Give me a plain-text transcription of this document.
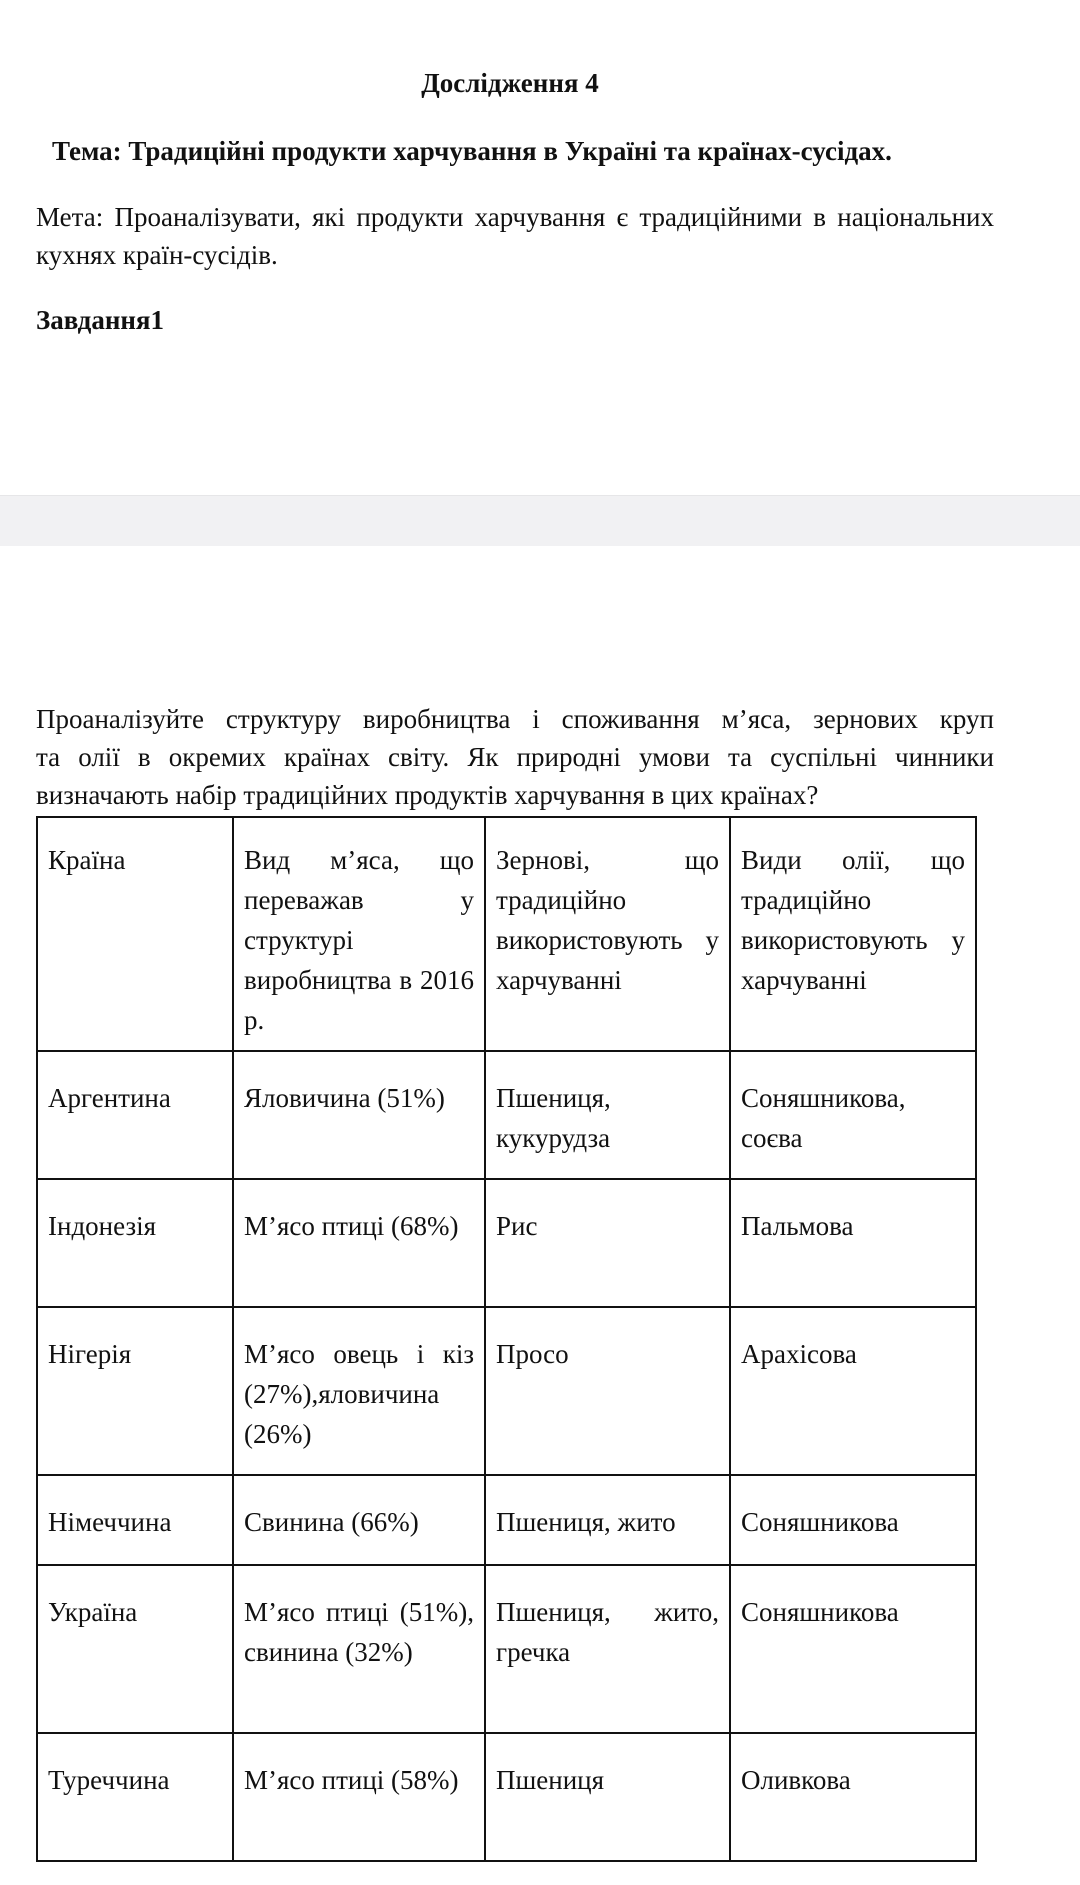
Дослідження 4
Тема: Традиційні продукти харчування в Україні та країнах-сусідах.
Мета: Проаналізувати, які продукти харчування є традиційними в національних кухнях країн-сусідів.
Завдання1
Проаналізуйте структуру виробництва і споживання м’яса, зернових круп
та олії в окремих країнах світу. Як природні умови та суспільні чинники
визначають набір традиційних продуктів харчування в цих країнах?
Країна	Вид м’яса, що переважав у структурі виробництва в 2016 р.	Зернові, що традиційно використовують у харчуванні	Види олії, що традиційно використовують у харчуванні
Аргентина	Яловичина (51%)	Пшениця, кукурудза	Соняшникова, соєва
Індонезія	М’ясо птиці (68%)	Рис	Пальмова
Нігерія	М’ясо овець і кіз (27%),яловичина (26%)	Просо	Арахісова
Німеччина	Свинина (66%)	Пшениця, жито	Соняшникова
Україна	М’ясо птиці (51%), свинина (32%)	Пшениця, жито, гречка	Соняшникова
Туреччина	М’ясо птиці (58%)	Пшениця	Оливкова
